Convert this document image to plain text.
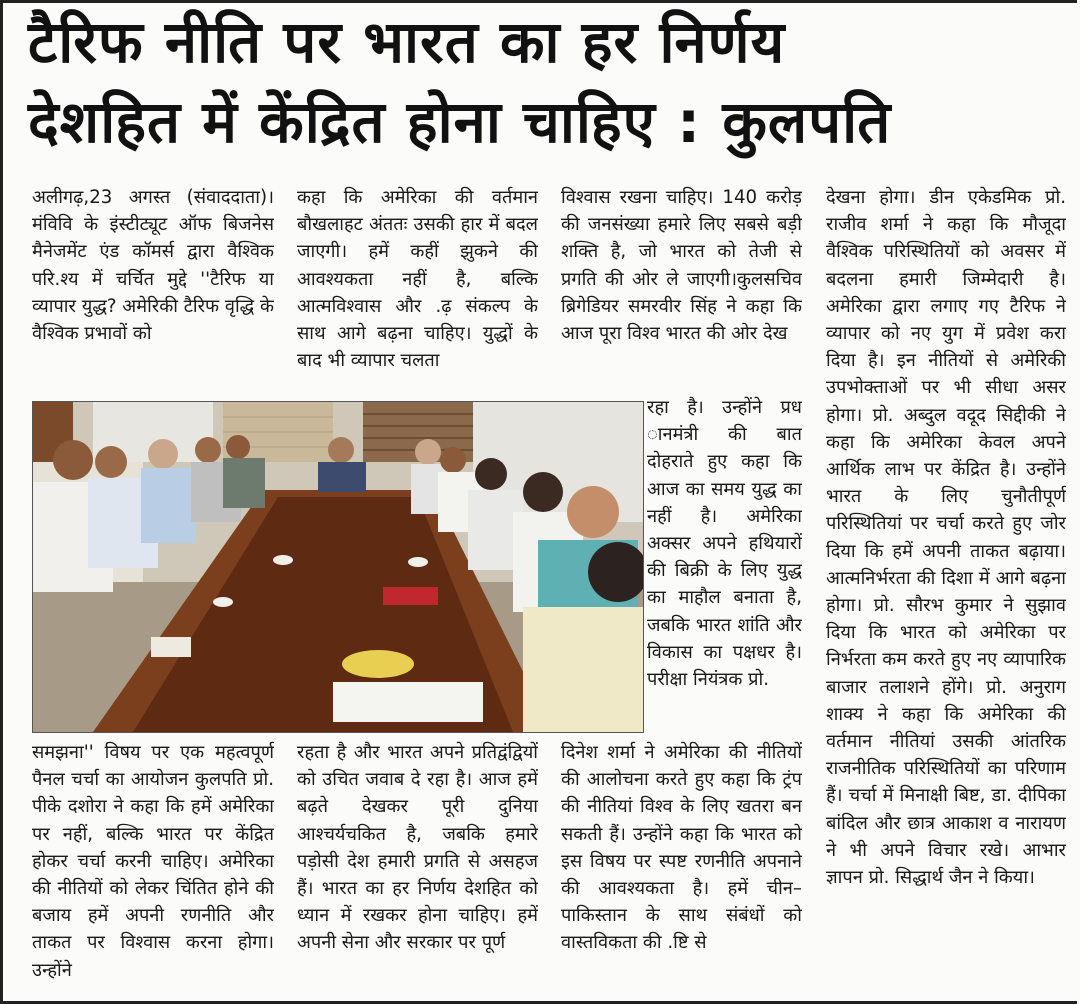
टैरिफ नीति पर भारत का हर निर्णय
देशहित में केंद्रित होना चाहिए : कुलपति

अलीगढ़,23 अगस्त (संवाददाता)। मंविवि के इंस्टीट्यूट ऑफ बिजनेस मैनेजमेंट एंड कॉमर्स द्वारा वैश्विक परि.श्य में चर्चित मुद्दे ''टैरिफ या व्यापार युद्ध? अमेरिकी टैरिफ वृद्धि के वैश्विक प्रभावों को

कहा कि अमेरिका की वर्तमान बौखलाहट अंततः उसकी हार में बदल जाएगी। हमें कहीं झुकने की आवश्यकता नहीं है, बल्कि आत्मविश्वास और .ढ़ संकल्प के साथ आगे बढ़ना चाहिए। युद्धों के बाद भी व्यापार चलता

विश्वास रखना चाहिए। 140 करोड़ की जनसंख्या हमारे लिए सबसे बड़ी शक्ति है, जो भारत को तेजी से प्रगति की ओर ले जाएगी।कुलसचिव ब्रिगेडियर समरवीर सिंह ने कहा कि आज पूरा विश्व भारत की ओर देख

रहा है। उन्होंने प्रध ानमंत्री की बात दोहराते हुए कहा कि आज का समय युद्ध का नहीं है। अमेरिका अक्सर अपने हथियारों की बिक्री के लिए युद्ध का माहौल बनाता है, जबकि भारत शांति और विकास का पक्षधर है। परीक्षा नियंत्रक प्रो.

देखना होगा। डीन एकेडमिक प्रो. राजीव शर्मा ने कहा कि मौजूदा वैश्विक परिस्थितियों को अवसर में बदलना हमारी जिम्मेदारी है। अमेरिका द्वारा लगाए गए टैरिफ ने व्यापार को नए युग में प्रवेश करा दिया है। इन नीतियों से अमेरिकी उपभोक्ताओं पर भी सीधा असर होगा। प्रो. अब्दुल वदूद सिद्दीकी ने कहा कि अमेरिका केवल अपने आर्थिक लाभ पर केंद्रित है। उन्होंने भारत के लिए चुनौतीपूर्ण परिस्थितियां पर चर्चा करते हुए जोर दिया कि हमें अपनी ताकत बढ़ाया। आत्मनिर्भरता की दिशा में आगे बढ़ना होगा। प्रो. सौरभ कुमार ने सुझाव दिया कि भारत को अमेरिका पर निर्भरता कम करते हुए नए व्यापारिक बाजार तलाशने होंगे। प्रो. अनुराग शाक्य ने कहा कि अमेरिका की वर्तमान नीतियां उसकी आंतरिक राजनीतिक परिस्थितियों का परिणाम हैं। चर्चा में मिनाक्षी बिष्ट, डा. दीपिका बांदिल और छात्र आकाश व नारायण ने भी अपने विचार रखे। आभार ज्ञापन प्रो. सिद्धार्थ जैन ने किया।

समझना'' विषय पर एक महत्वपूर्ण पैनल चर्चा का आयोजन कुलपति प्रो. पीके दशोरा ने कहा कि हमें अमेरिका पर नहीं, बल्कि भारत पर केंद्रित होकर चर्चा करनी चाहिए। अमेरिका की नीतियों को लेकर चिंतित होने की बजाय हमें अपनी रणनीति और ताकत पर विश्वास करना होगा। उन्होंने

रहता है और भारत अपने प्रतिद्वंद्वियों को उचित जवाब दे रहा है। आज हमें बढ़ते देखकर पूरी दुनिया आश्चर्यचकित है, जबकि हमारे पड़ोसी देश हमारी प्रगति से असहज हैं। भारत का हर निर्णय देशहित को ध्यान में रखकर होना चाहिए। हमें अपनी सेना और सरकार पर पूर्ण

दिनेश शर्मा ने अमेरिका की नीतियों की आलोचना करते हुए कहा कि ट्रंप की नीतियां विश्व के लिए खतरा बन सकती हैं। उन्होंने कहा कि भारत को इस विषय पर स्पष्ट रणनीति अपनाने की आवश्यकता है। हमें चीन–पाकिस्तान के साथ संबंधों को वास्तविकता की .ष्टि से
